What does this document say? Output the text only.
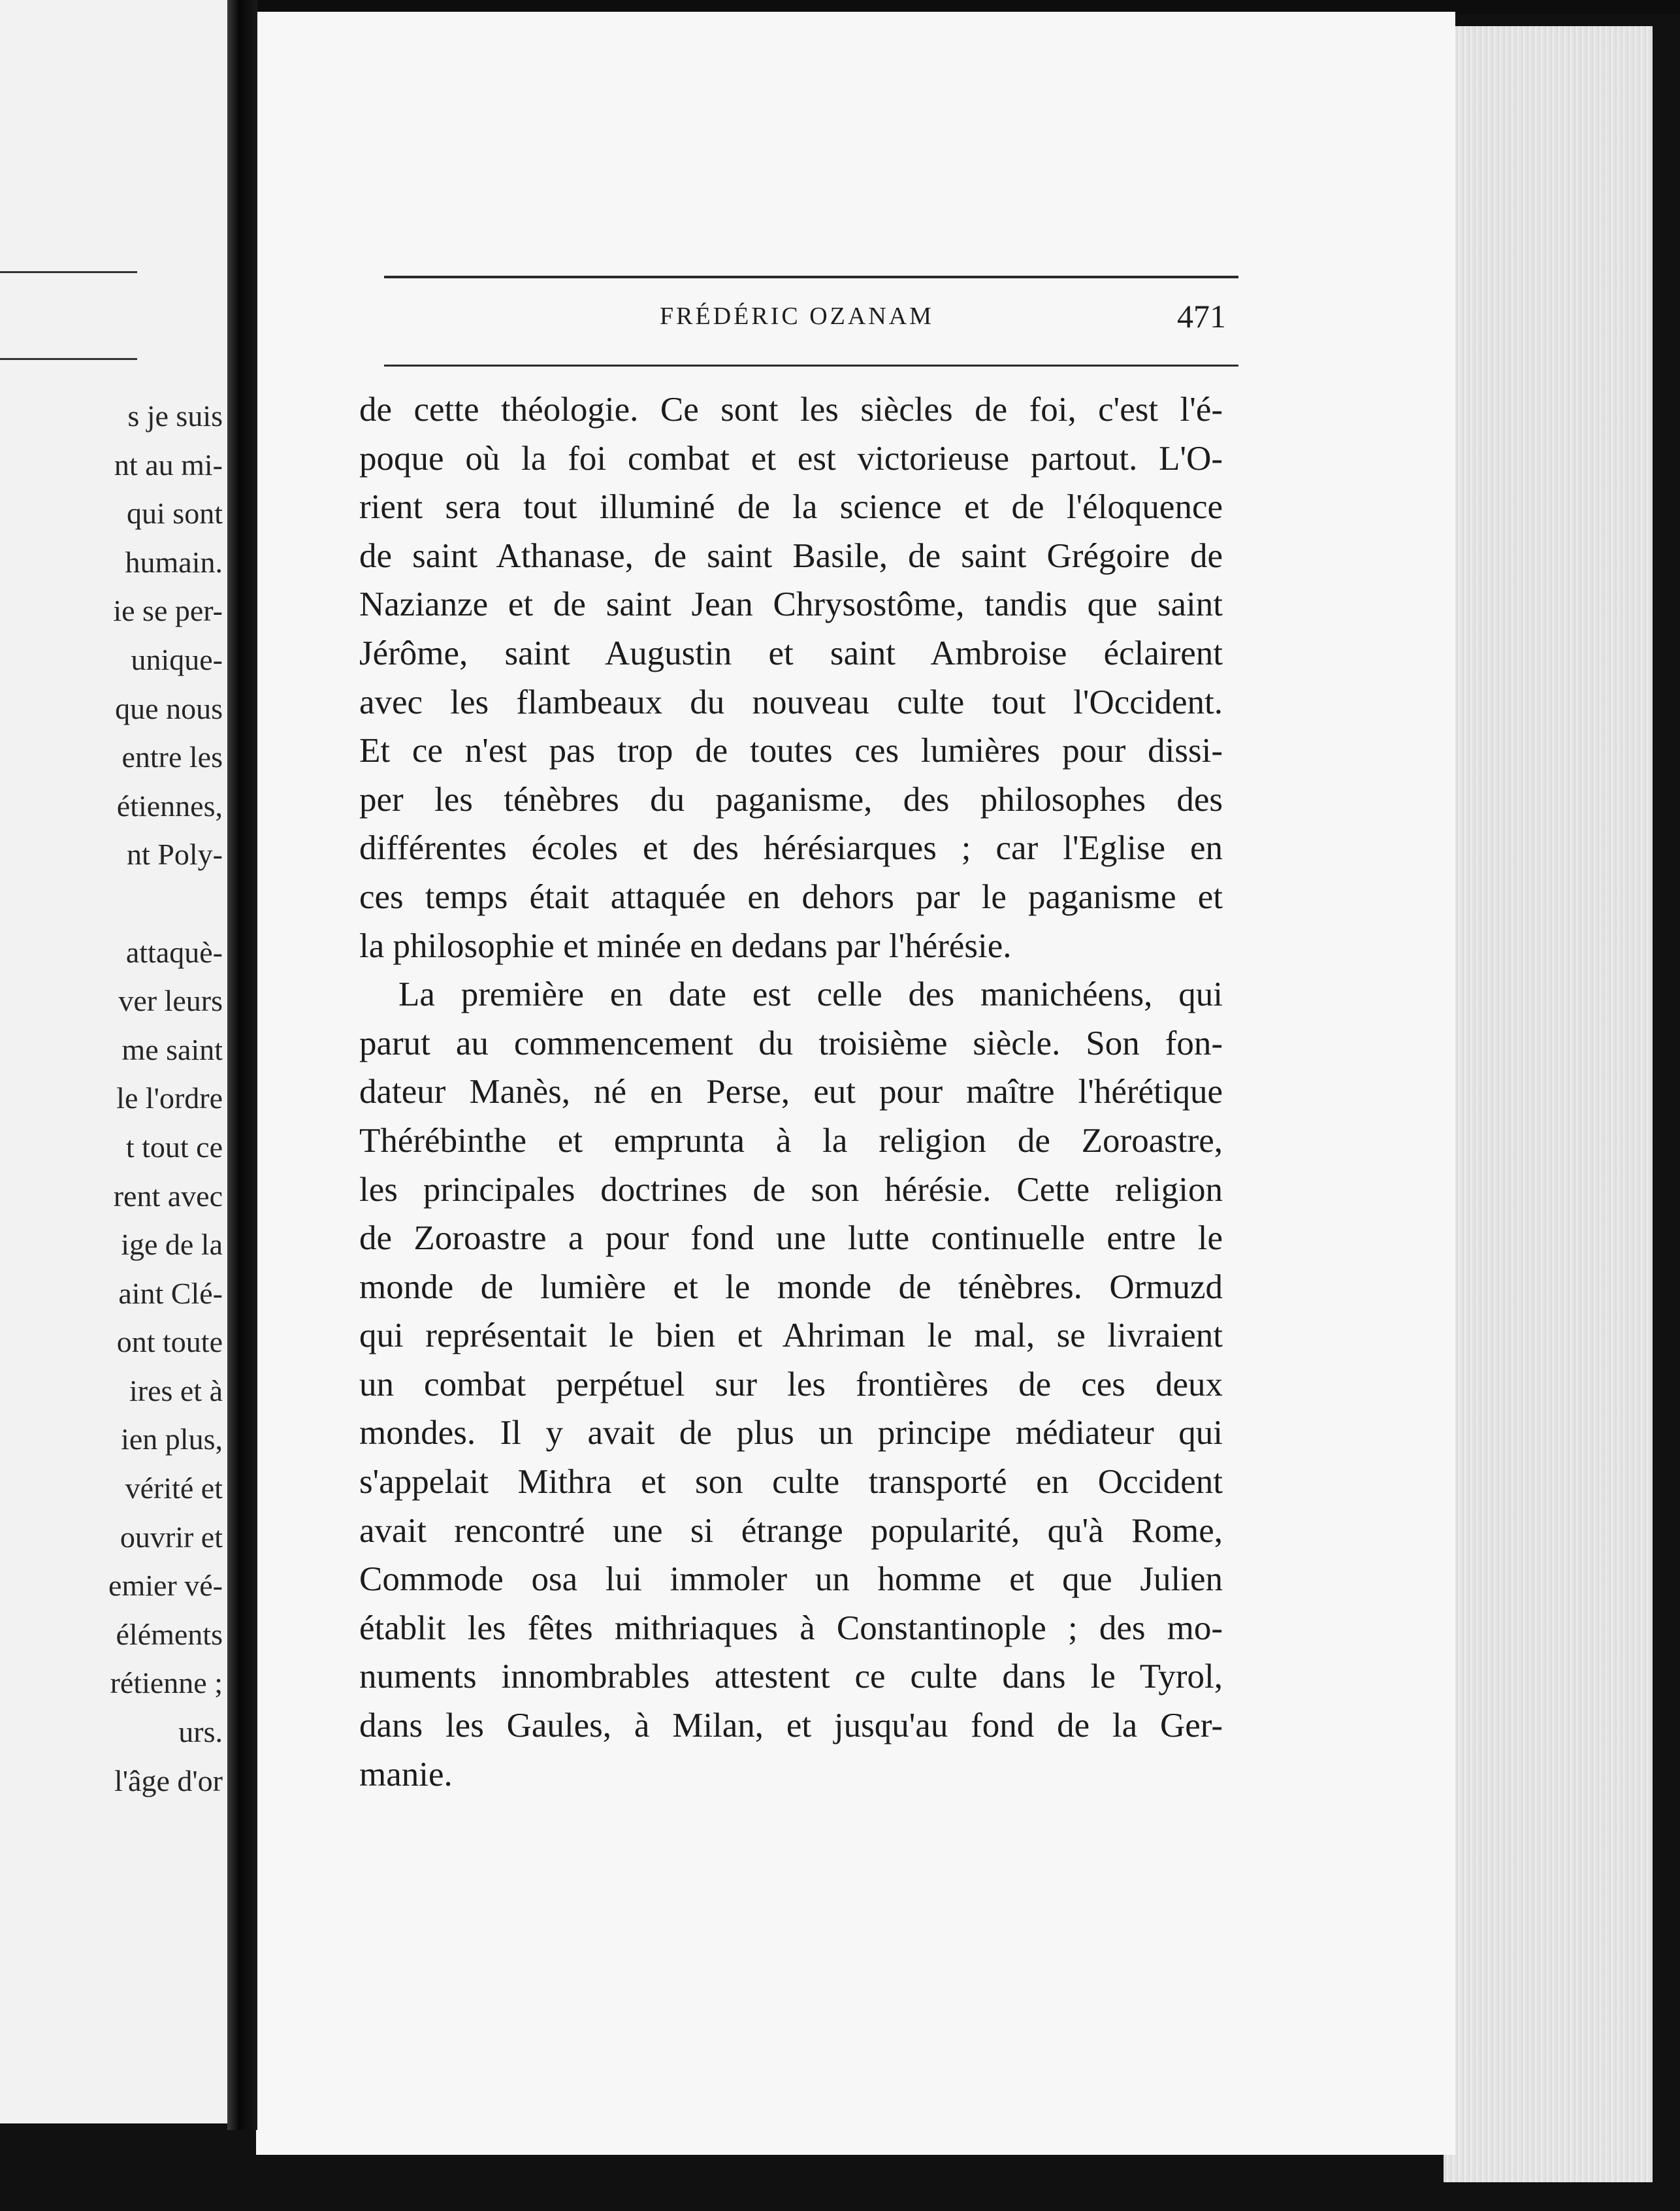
s je suis
nt au mi-
qui sont
humain.
ie se per-
unique-
que nous
entre les
étiennes,
nt Poly-
attaquè-
ver leurs
me saint
le l'ordre
t tout ce
rent avec
ige de la
aint Clé-
ont toute
ires et à
ien plus,
vérité et
ouvrir et
emier vé-
éléments
rétienne ;
urs.
l'âge d'or
FRÉDÉRIC OZANAM	471
de cette théologie. Ce sont les siècles de foi, c'est l'é-
poque où la foi combat et est victorieuse partout. L'O-
rient sera tout illuminé de la science et de l'éloquence
de saint Athanase, de saint Basile, de saint Grégoire de
Nazianze et de saint Jean Chrysostôme, tandis que saint
Jérôme, saint Augustin et saint Ambroise éclairent
avec les flambeaux du nouveau culte tout l'Occident.
Et ce n'est pas trop de toutes ces lumières pour dissi-
per les ténèbres du paganisme, des philosophes des
différentes écoles et des hérésiarques ; car l'Eglise en
ces temps était attaquée en dehors par le paganisme et
la philosophie et minée en dedans par l'hérésie.
La première en date est celle des manichéens, qui
parut au commencement du troisième siècle. Son fon-
dateur Manès, né en Perse, eut pour maître l'hérétique
Thérébinthe et emprunta à la religion de Zoroastre,
les principales doctrines de son hérésie. Cette religion
de Zoroastre a pour fond une lutte continuelle entre le
monde de lumière et le monde de ténèbres. Ormuzd
qui représentait le bien et Ahriman le mal, se livraient
un combat perpétuel sur les frontières de ces deux
mondes. Il y avait de plus un principe médiateur qui
s'appelait Mithra et son culte transporté en Occident
avait rencontré une si étrange popularité, qu'à Rome,
Commode osa lui immoler un homme et que Julien
établit les fêtes mithriaques à Constantinople ; des mo-
numents innombrables attestent ce culte dans le Tyrol,
dans les Gaules, à Milan, et jusqu'au fond de la Ger-
manie.
